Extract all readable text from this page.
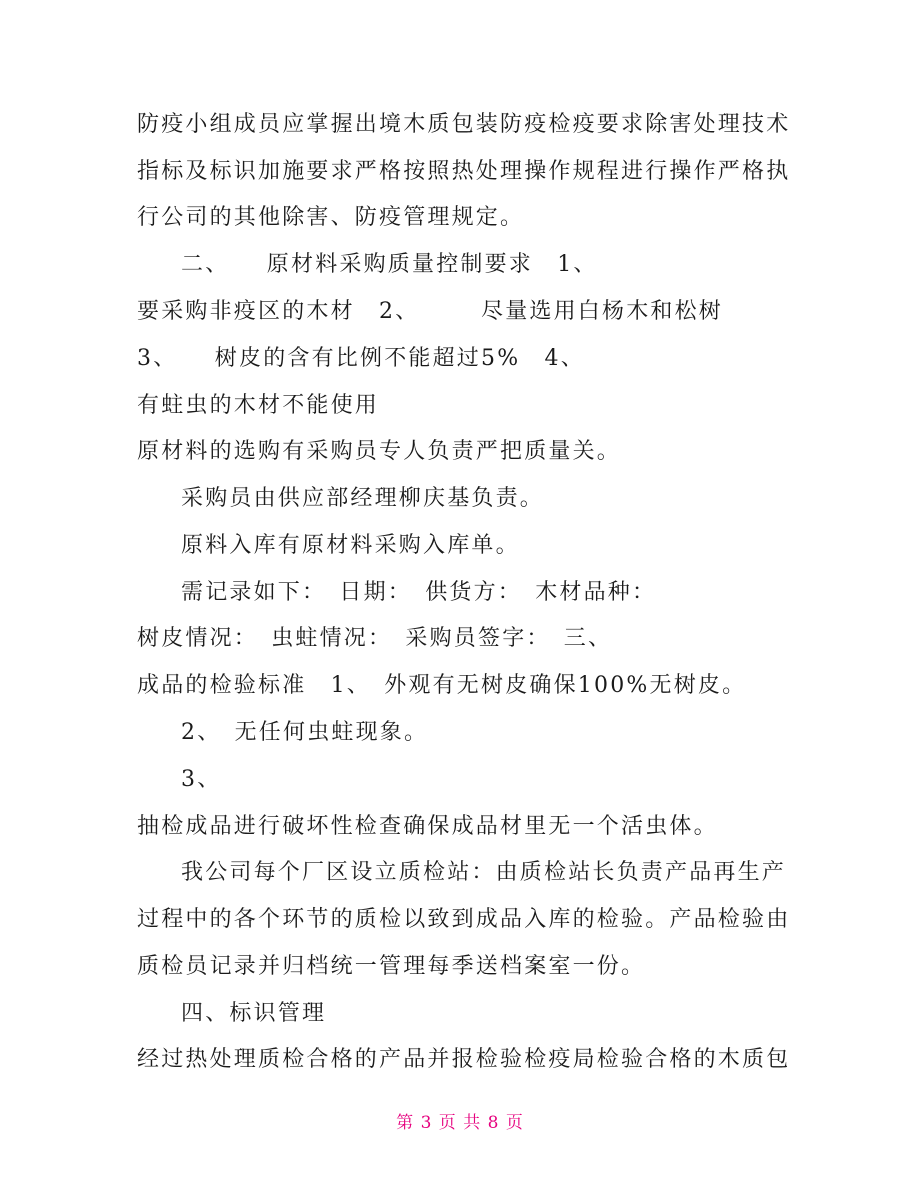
防疫小组成员应掌握出境木质包装防疫检疫要求除害处理技术
指标及标识加施要求严格按照热处理操作规程进行操作严格执
行公司的其他除害、防疫管理规定。
二、　　原材料采购质量控制要求　1、
要采购非疫区的木材　2、　　　尽量选用白杨木和松树
3、　　树皮的含有比例不能超过5%　4、
有蛀虫的木材不能使用
原材料的选购有采购员专人负责严把质量关。
采购员由供应部经理柳庆基负责。
原料入库有原材料采购入库单。
需记录如下：　日期：　供货方：　木材品种：
树皮情况：　虫蛀情况：　采购员签字：　三、
成品的检验标准　1、　外观有无树皮确保100%无树皮。
2、　无任何虫蛀现象。
3、
抽检成品进行破坏性检查确保成品材里无一个活虫体。
我公司每个厂区设立质检站：由质检站长负责产品再生产
过程中的各个环节的质检以致到成品入库的检验。产品检验由
质检员记录并归档统一管理每季送档案室一份。
四、标识管理
经过热处理质检合格的产品并报检验检疫局检验合格的木质包
第 3 页 共 8 页
